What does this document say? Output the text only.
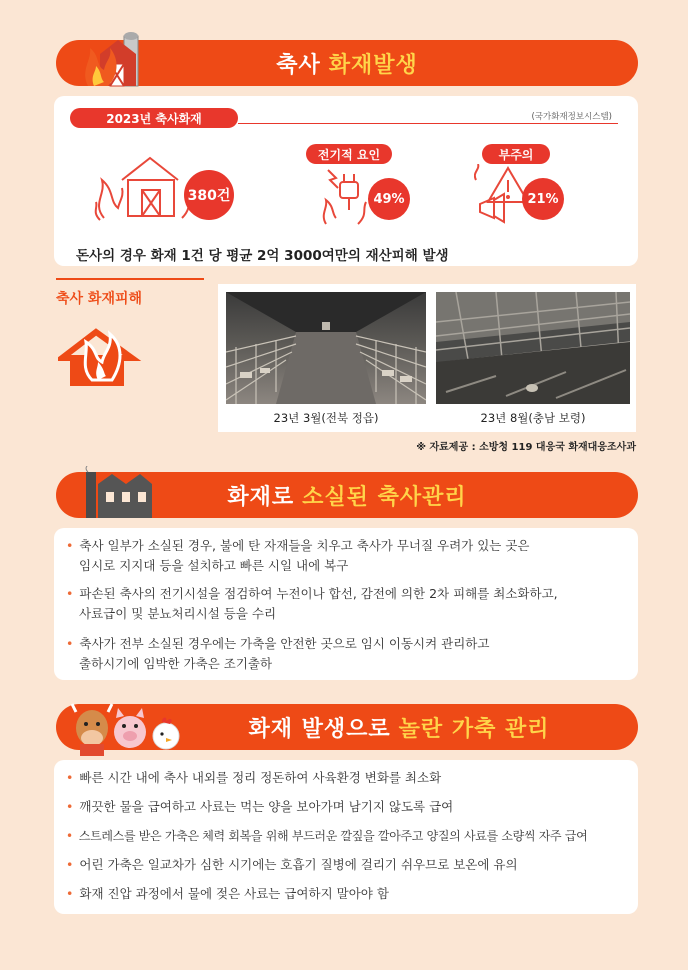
축사 화재발생
2023년 축사화재	(국가화재정보시스템)
380건
전기적 요인
49%
부주의
21%
돈사의 경우 화재 1건 당 평균 2억 3000여만의 재산피해 발생
축사 화재피해
23년 3월(전북 정읍)	23년 8월(충남 보령)
※ 자료제공 : 소방청 119 대응국 화재대응조사과
화재로 소실된 축사관리
• 축사 일부가 소실된 경우, 불에 탄 자재들을 치우고 축사가 무너질 우려가 있는 곳은
임시로 지지대 등을 설치하고 빠른 시일 내에 복구
• 파손된 축사의 전기시설을 점검하여 누전이나 합선, 감전에 의한 2차 피해를 최소화하고,
사료급이 및 분뇨처리시설 등을 수리
• 축사가 전부 소실된 경우에는 가축을 안전한 곳으로 임시 이동시켜 관리하고
출하시기에 임박한 가축은 조기출하
화재 발생으로 놀란 가축 관리
• 빠른 시간 내에 축사 내외를 정리 정돈하여 사육환경 변화를 최소화
• 깨끗한 물을 급여하고 사료는 먹는 양을 보아가며 남기지 않도록 급여
• 스트레스를 받은 가축은 체력 회복을 위해 부드러운 깔짚을 깔아주고 양질의 사료를 소량씩 자주 급여
• 어린 가축은 일교차가 심한 시기에는 호흡기 질병에 걸리기 쉬우므로 보온에 유의
• 화재 진압 과정에서 물에 젖은 사료는 급여하지 말아야 함
